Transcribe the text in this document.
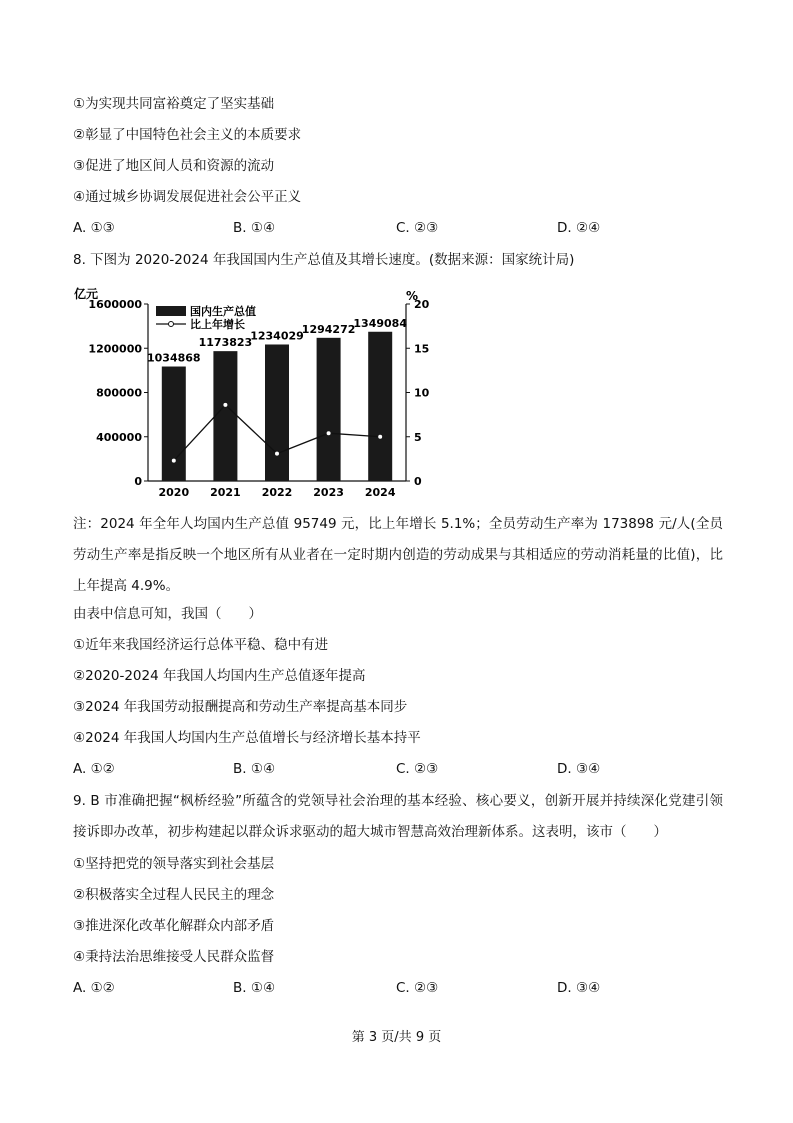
①为实现共同富裕奠定了坚实基础
②彰显了中国特色社会主义的本质要求
③促进了地区间人员和资源的流动
④通过城乡协调发展促进社会公平正义
A. ①③	B. ①④	C. ②③	D. ②④
8. 下图为 2020-2024 年我国国内生产总值及其增长速度。(数据来源：国家统计局)
亿元	%
0
400000
800000
1200000
1600000
0
5
10
15
20
1034868
1173823
1234029
1294272
1349084
2020 2021 2022 2023 2024
国内生产总值
比上年增长
注：2024 年全年人均国内生产总值 95749 元，比上年增长 5.1%；全员劳动生产率为 173898 元/人(全员劳动生产率是指反映一个地区所有从业者在一定时期内创造的劳动成果与其相适应的劳动消耗量的比值)，比上年提高 4.9%。
由表中信息可知，我国（　　）
①近年来我国经济运行总体平稳、稳中有进
②2020-2024 年我国人均国内生产总值逐年提高
③2024 年我国劳动报酬提高和劳动生产率提高基本同步
④2024 年我国人均国内生产总值增长与经济增长基本持平
A. ①②	B. ①④	C. ②③	D. ③④
9. B 市准确把握“枫桥经验”所蕴含的党领导社会治理的基本经验、核心要义，创新开展并持续深化党建引领接诉即办改革，初步构建起以群众诉求驱动的超大城市智慧高效治理新体系。这表明，该市（　　）
①坚持把党的领导落实到社会基层
②积极落实全过程人民民主的理念
③推进深化改革化解群众内部矛盾
④秉持法治思维接受人民群众监督
A. ①②	B. ①④	C. ②③	D. ③④
第 3 页/共 9 页
